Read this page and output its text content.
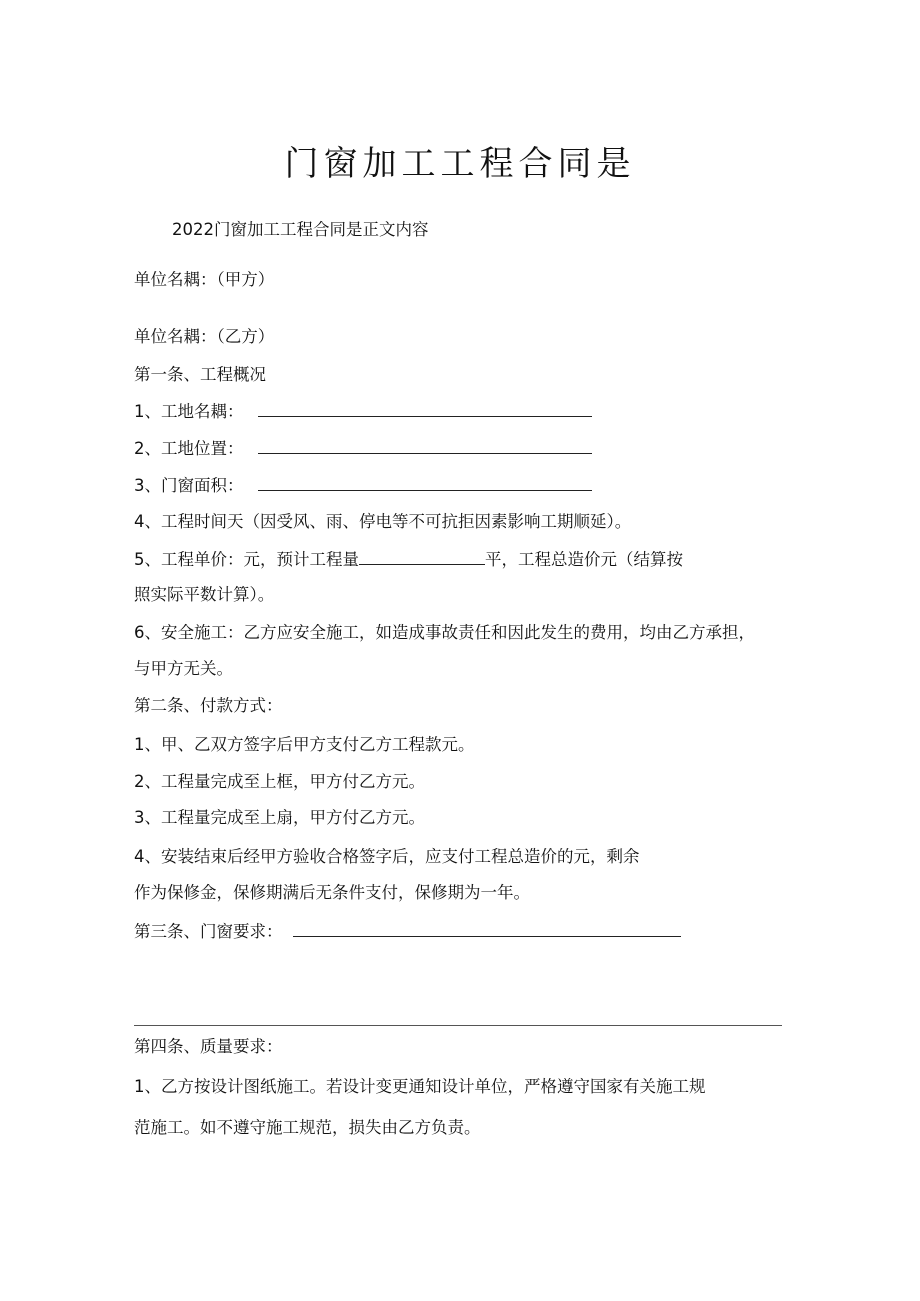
门窗加工工程合同是
2022门窗加工工程合同是正文内容
单位名耦：（甲方）
单位名耦：（乙方）
第一条、工程概况
1、工地名耦：
2、工地位置：
3、门窗面积：
4、工程时间天（因受风、雨、停电等不可抗拒因素影响工期顺延）。
5、工程单价：元，预计工程量	平，工程总造价元（结算按
照实际平数计算）。
6、安全施工：乙方应安全施工，如造成事故责任和因此发生的费用，均由乙方承担，
与甲方无关。
第二条、付款方式：
1、甲、乙双方签字后甲方支付乙方工程款元。
2、工程量完成至上框，甲方付乙方元。
3、工程量完成至上扇，甲方付乙方元。
4、安装结束后经甲方验收合格签字后，应支付工程总造价的元，剩余
作为保修金，保修期满后无条件支付，保修期为一年。
第三条、门窗要求：
第四条、质量要求：
1、乙方按设计图纸施工。若设计变更通知设计单位，严格遵守国家有关施工规
范施工。如不遵守施工规范，损失由乙方负责。
